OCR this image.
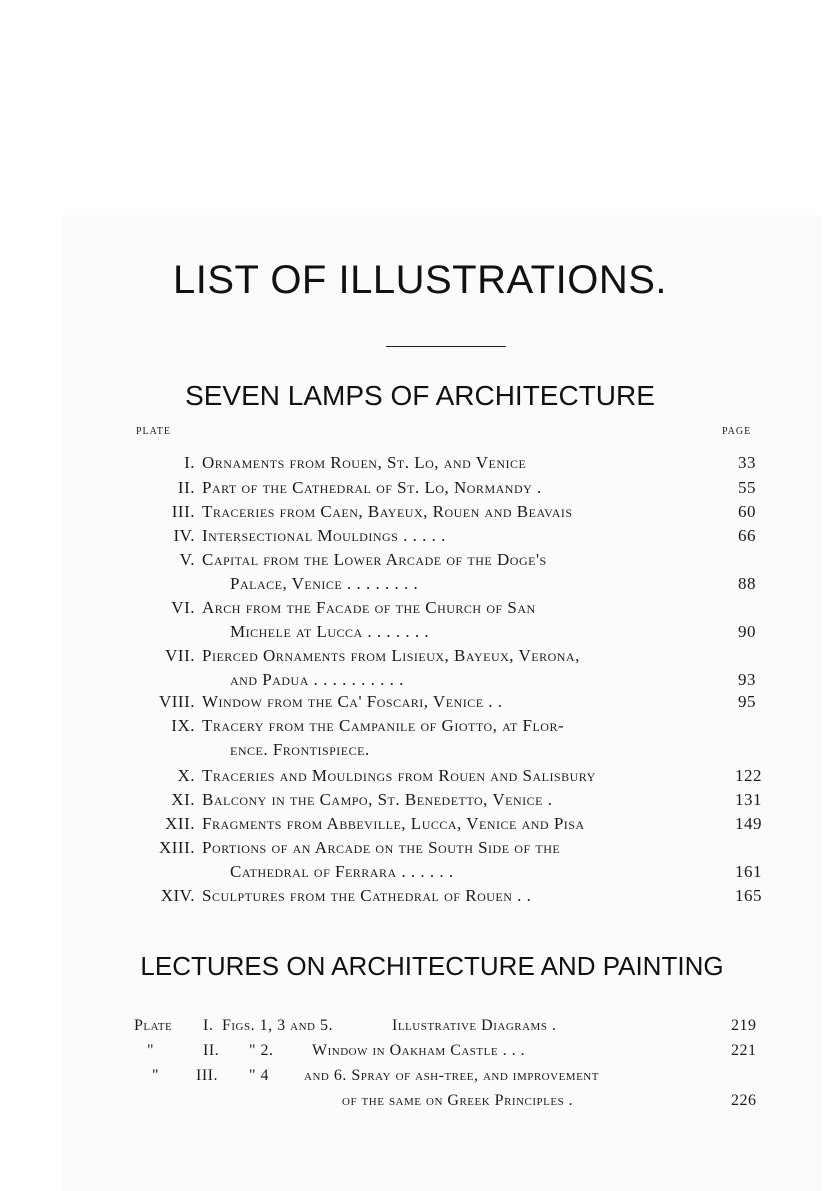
LIST OF ILLUSTRATIONS.
SEVEN LAMPS OF ARCHITECTURE
PLATE	PAGE
I. Ornaments from Rouen, St. Lo, and Venice	33
II. Part of the Cathedral of St. Lo, Normandy .	55
III. Traceries from Caen, Bayeux, Rouen and Beavais	60
IV. Intersectional Mouldings . . . . .	66
V. Capital from the Lower Arcade of the Doge's
Palace, Venice . . . . . . . .	88
VI. Arch from the Facade of the Church of San
Michele at Lucca . . . . . . .	90
VII. Pierced Ornaments from Lisieux, Bayeux, Verona,
and Padua . . . . . . . . . .	93
VIII. Window from the Ca' Foscari, Venice . .	95
IX. Tracery from the Campanile of Giotto, at Flor-
ence. Frontispiece.
X. Traceries and Mouldings from Rouen and Salisbury	122
XI. Balcony in the Campo, St. Benedetto, Venice .	131
XII. Fragments from Abbeville, Lucca, Venice and Pisa	149
XIII. Portions of an Arcade on the South Side of the
Cathedral of Ferrara . . . . . .	161
XIV. Sculptures from the Cathedral of Rouen . .	165
LECTURES ON ARCHITECTURE AND PAINTING
Plate I. Figs. 1, 3 and 5.	Illustrative Diagrams .	219
"	II. " 2. Window in Oakham Castle . . .	221
" III. " 4 and 6. Spray of ash-tree, and improvement
of the same on Greek Principles .	226
